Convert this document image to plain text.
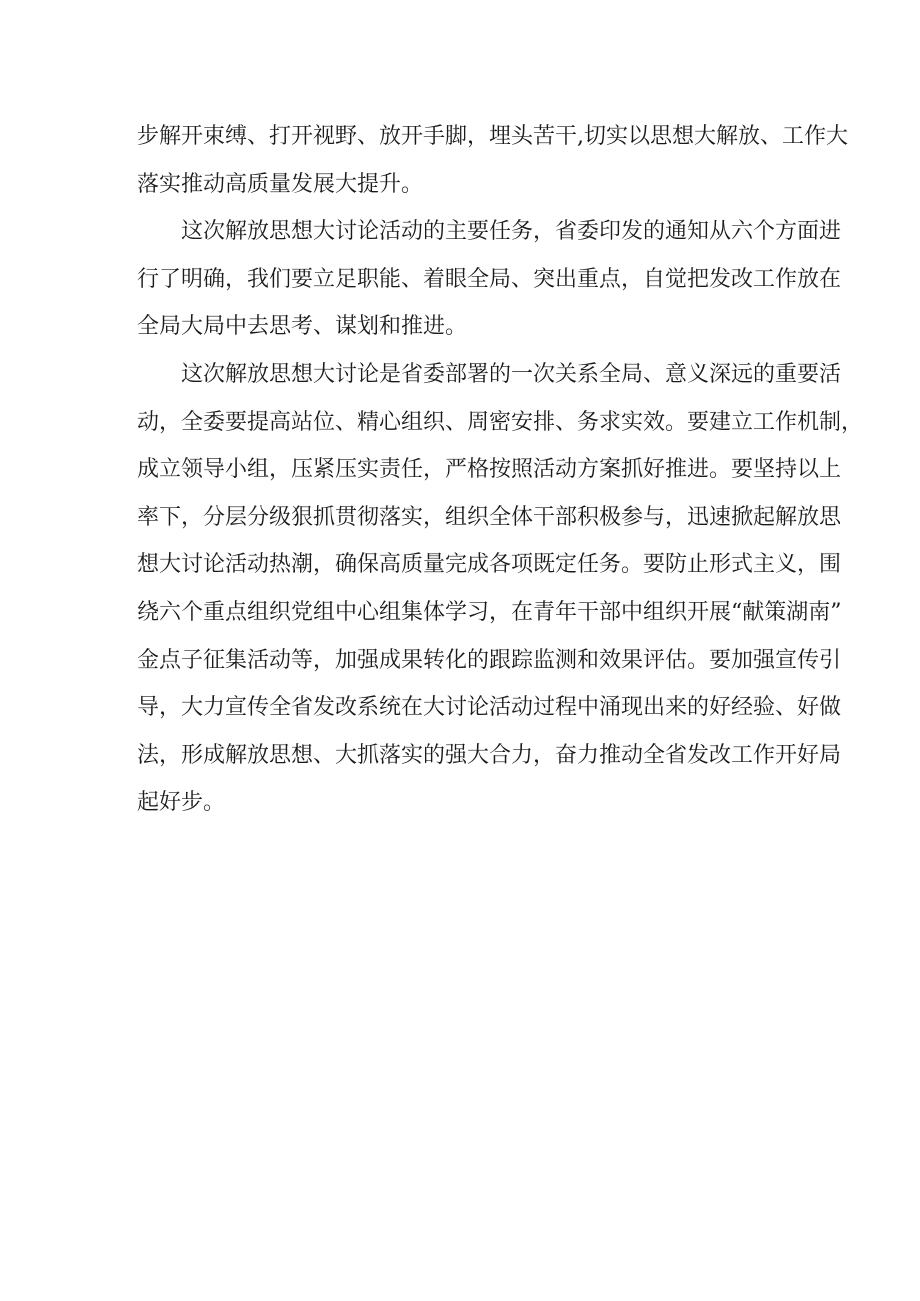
步解开束缚、打开视野、放开手脚，埋头苦干,切实以思想大解放、工作大
落实推动高质量发展大提升。
这次解放思想大讨论活动的主要任务，省委印发的通知从六个方面进
行了明确，我们要立足职能、着眼全局、突出重点，自觉把发改工作放在
全局大局中去思考、谋划和推进。
这次解放思想大讨论是省委部署的一次关系全局、意义深远的重要活
动，全委要提高站位、精心组织、周密安排、务求实效。要建立工作机制，
成立领导小组，压紧压实责任，严格按照活动方案抓好推进。要坚持以上
率下，分层分级狠抓贯彻落实，组织全体干部积极参与，迅速掀起解放思
想大讨论活动热潮，确保高质量完成各项既定任务。要防止形式主义，围
绕六个重点组织党组中心组集体学习，在青年干部中组织开展“献策湖南”
金点子征集活动等，加强成果转化的跟踪监测和效果评估。要加强宣传引
导，大力宣传全省发改系统在大讨论活动过程中涌现出来的好经验、好做
法，形成解放思想、大抓落实的强大合力，奋力推动全省发改工作开好局
起好步。
